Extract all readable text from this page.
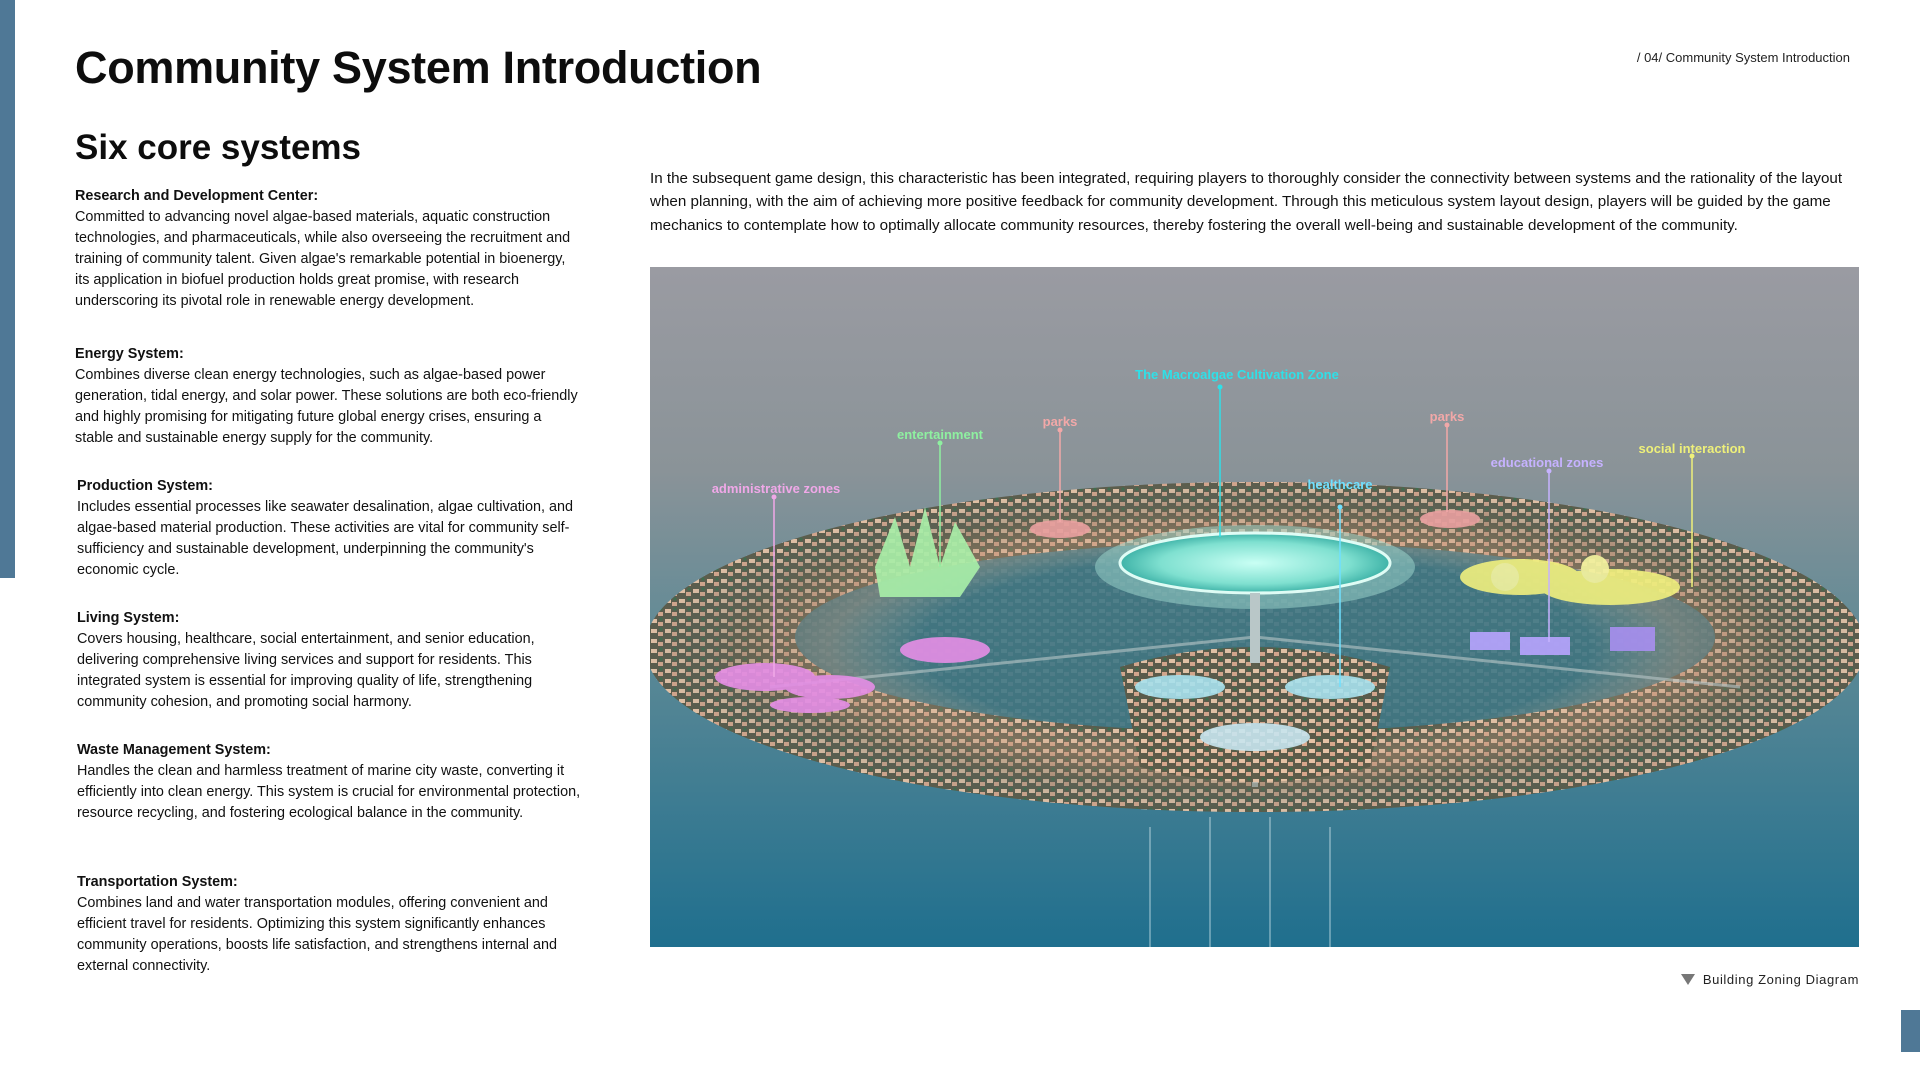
Community System Introduction	/ 04/ Community System Introduction
Six core systems
Research and Development Center:
Committed to advancing novel algae-based materials, aquatic construction technologies, and pharmaceuticals, while also overseeing the recruitment and training of community talent. Given algae's remarkable potential in bioenergy, its application in biofuel production holds great promise, with research underscoring its pivotal role in renewable energy development.
Energy System:
Combines diverse clean energy technologies, such as algae-based power generation, tidal energy, and solar power. These solutions are both eco-friendly and highly promising for mitigating future global energy crises, ensuring a stable and sustainable energy supply for the community.
Production System:
Includes essential processes like seawater desalination, algae cultivation, and algae-based material production. These activities are vital for community self-sufficiency and sustainable development, underpinning the community's economic cycle.
Living System:
Covers housing, healthcare, social entertainment, and senior education, delivering comprehensive living services and support for residents. This integrated system is essential for improving quality of life, strengthening community cohesion, and promoting social harmony.
Waste Management System:
Handles the clean and harmless treatment of marine city waste, converting it efficiently into clean energy. This system is crucial for environmental protection, resource recycling, and fostering ecological balance in the community.
Transportation System:
Combines land and water transportation modules, offering convenient and efficient travel for residents. Optimizing this system significantly enhances community operations, boosts life satisfaction, and strengthens internal and external connectivity.

In the subsequent game design, this characteristic has been integrated, requiring players to thoroughly consider the connectivity between systems and the rationality of the layout when planning, with the aim of achieving more positive feedback for community development. Through this meticulous system layout design, players will be guided by the game mechanics to contemplate how to optimally allocate community resources, thereby fostering the overall well-being and sustainable development of the community.

The Macroalgae Cultivation Zone
entertainment
parks	parks
educational zones
social interaction
administrative zones	healthcare
Building Zoning Diagram
